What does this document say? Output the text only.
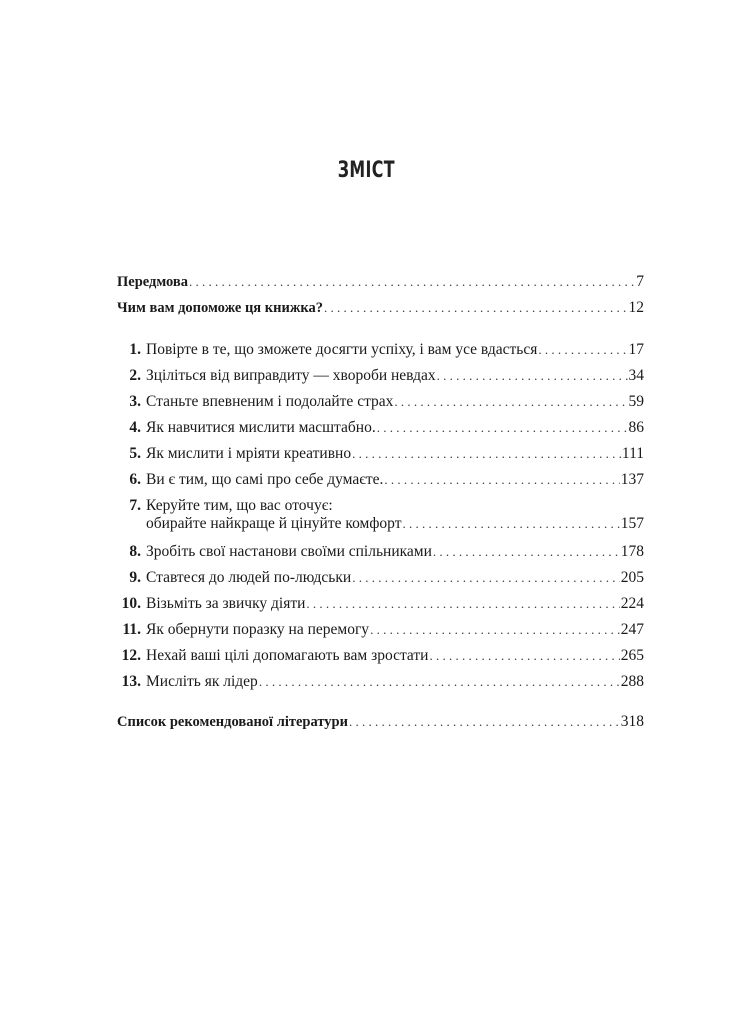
ЗМІСТ
Передмова . . .	7
Чим вам допоможе ця книжка? . . .	12
1. Повірте в те, що зможете досягти успіху, і вам усе вдасться . . .	17
2. Зціліться від виправдиту — хвороби невдах . . .	34
3. Станьте впевненим і подолайте страх . . .	59
4. Як навчитися мислити масштабно. . . .	86
5. Як мислити і мріяти креативно . . .	111
6. Ви є тим, що самі про себе думаєте. . . .	137
7. Керуйте тим, що вас оточує:
обирайте найкраще й цінуйте комфорт . . .	157
8. Зробіть свої настанови своїми спільниками . . .	178
9. Ставтеся до людей по-людськи . . .	205
10. Візьміть за звичку діяти . . .	224
11. Як обернути поразку на перемогу . . .	247
12. Нехай ваші цілі допомагають вам зростати . . .	265
13. Мисліть як лідер . . .	288
Список рекомендованої літератури . . .	318
